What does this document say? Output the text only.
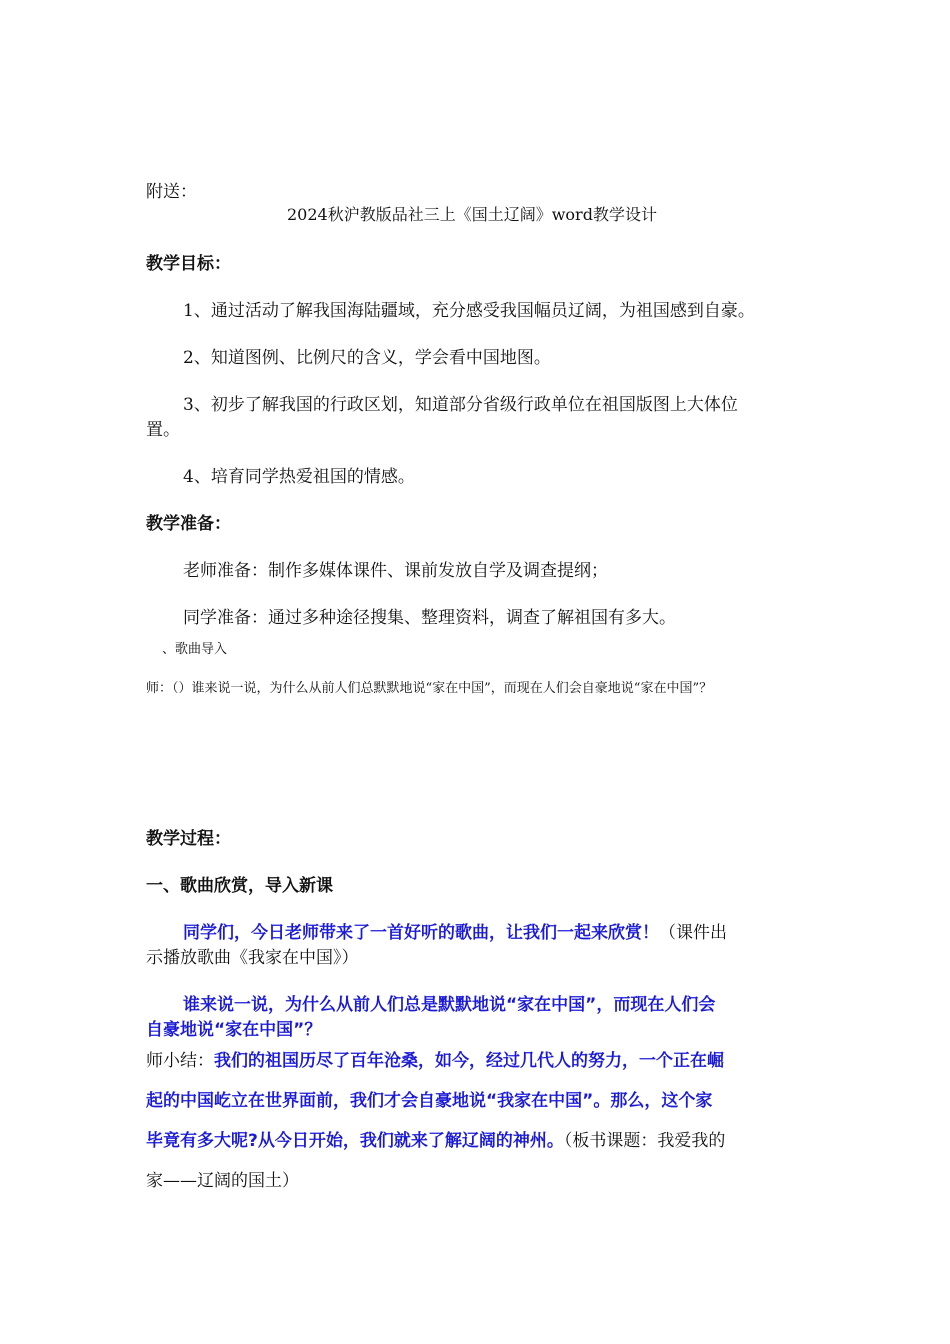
附送：
2024秋沪教版品社三上《国土辽阔》word教学设计
教学目标：
1、通过活动了解我国海陆疆域，充分感受我国幅员辽阔，为祖国感到自豪。
2、知道图例、比例尺的含义，学会看中国地图。
3、初步了解我国的行政区划，知道部分省级行政单位在祖国版图上大体位
置。
4、培育同学热爱祖国的情感。
教学准备：
老师准备：制作多媒体课件、课前发放自学及调查提纲；
同学准备：通过多种途径搜集、整理资料，调查了解祖国有多大。
、歌曲导入
师：（）谁来说一说，为什么从前人们总默默地说“家在中国”，而现在人们会自豪地说“家在中国”？
教学过程：
一、歌曲欣赏，导入新课
同学们，今日老师带来了一首好听的歌曲，让我们一起来欣赏！（课件出
示播放歌曲《我家在中国》）
谁来说一说，为什么从前人们总是默默地说“家在中国”，而现在人们会
自豪地说“家在中国”？
师小结：我们的祖国历尽了百年沧桑，如今，经过几代人的努力，一个正在崛
起的中国屹立在世界面前，我们才会自豪地说“我家在中国”。那么，这个家
毕竟有多大呢?从今日开始，我们就来了解辽阔的神州。（板书课题：我爱我的
家——辽阔的国土）
